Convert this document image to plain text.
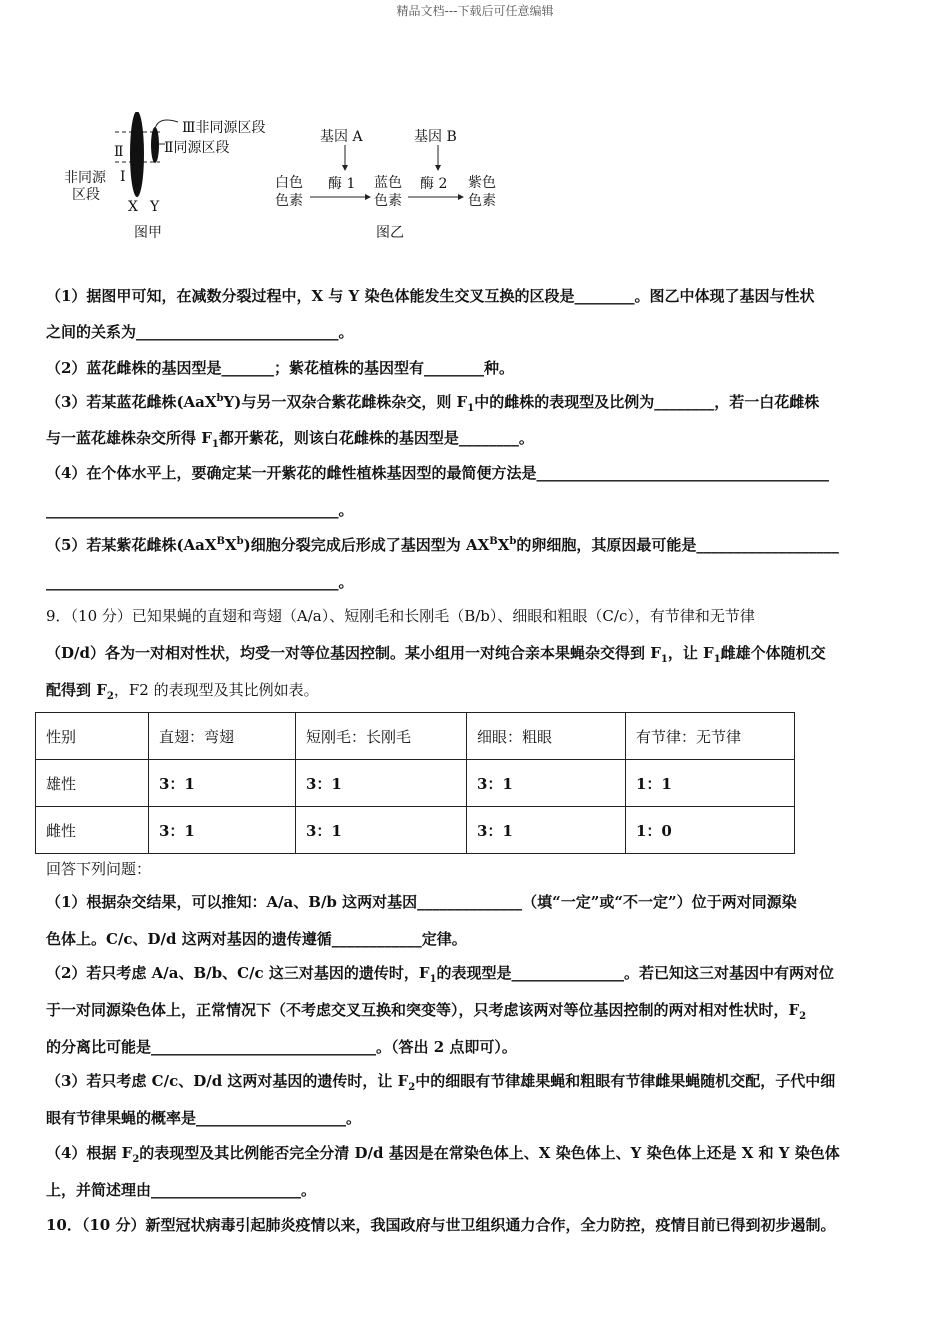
精品文档---下载后可任意编辑
Ⅲ非同源区段
Ⅱ同源区段
Ⅱ
Ⅰ
非同源
区段
X Y
图甲
基因 A	基因 B
白色
色素
酶 1 蓝色
色素
酶 2 紫色
色素
图乙
（1）据图甲可知，在减数分裂过程中，X 与 Y 染色体能发生交叉互换的区段是________。图乙中体现了基因与性状
之间的关系为___________________________。
（2）蓝花雌株的基因型是_______；紫花植株的基因型有________种。
（3）若某蓝花雌株(AaX$^b$Y)与另一双杂合紫花雌株杂交，则 $F_1$中的雌株的表现型及比例为________，若一白花雌株
与一蓝花雄株杂交所得 $F_1$都开紫花，则该白花雌株的基因型是________。
（4）在个体水平上，要确定某一开紫花的雌性植株基因型的最简便方法是_______________________________________
_______________________________________。
（5）若某紫花雌株$(AaX^BX^b)$细胞分裂完成后形成了基因型为 $AX^BX^b$的卵细胞，其原因最可能是___________________
_______________________________________。
9．（10 分）已知果蝇的直翅和弯翅（A/a）、短刚毛和长刚毛（B/b）、细眼和粗眼（C/c），有节律和无节律
（D/d）各为一对相对性状，均受一对等位基因控制。某小组用一对纯合亲本果蝇杂交得到 $F_1$，让 $F_1$雌雄个体随机交
配得到 $F_2$，F2 的表现型及其比例如表。
性别	直翅：弯翅	短刚毛：长刚毛	细眼：粗眼	有节律：无节律
雄性	3：1	3：1	3：1	1：1
雌性	3：1	3：1	3：1	1：0
回答下列问题：
（1）根据杂交结果，可以推知：A/a、B/b 这两对基因______________（填“一定”或“不一定”）位于两对同源染
色体上。C/c、D/d 这两对基因的遗传遵循____________定律。
（2）若只考虑 A/a、B/b、C/c 这三对基因的遗传时，$F_1$的表现型是_______________。若已知这三对基因中有两对位
于一对同源染色体上，正常情况下（不考虑交叉互换和突变等），只考虑该两对等位基因控制的两对相对性状时，$F_2$
的分离比可能是______________________________。（答出 2 点即可）。
（3）若只考虑 C/c、D/d 这两对基因的遗传时，让 $F_2$中的细眼有节律雄果蝇和粗眼有节律雌果蝇随机交配，子代中细
眼有节律果蝇的概率是____________________。
（4）根据 $F_2$的表现型及其比例能否完全分清 D/d 基因是在常染色体上、X 染色体上、Y 染色体上还是 X 和 Y 染色体
上，并简述理由____________________。
10．（10 分）新型冠状病毒引起肺炎疫情以来，我国政府与世卫组织通力合作，全力防控，疫情目前已得到初步遏制。
